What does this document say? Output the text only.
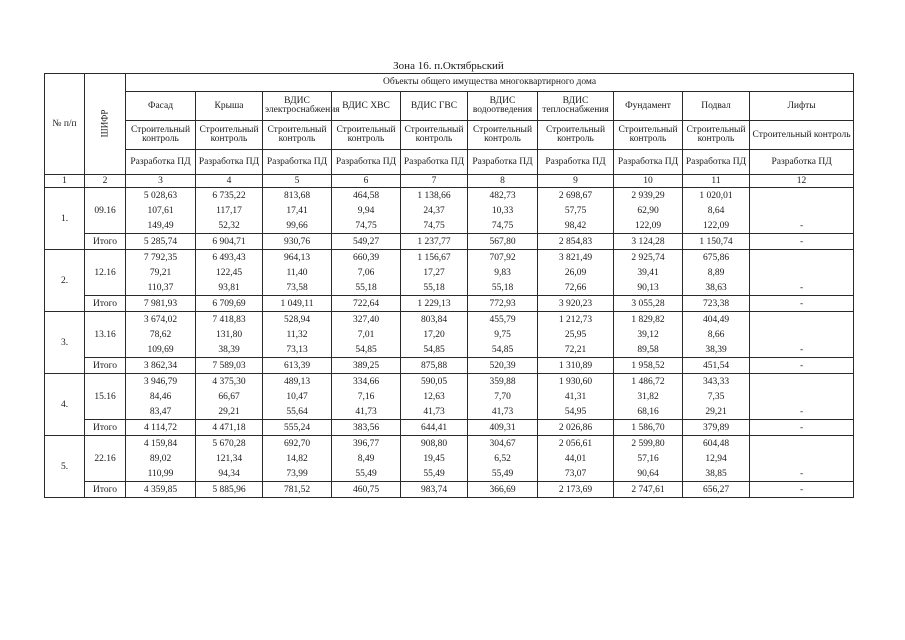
Зона 16. п.Октябрьский
№ п/п	ШИФР	Объекты общего имущества многоквартирного дома									
		Фасад	Крыша	ВДИС электроснабжения	ВДИС ХВС	ВДИС ГВС	ВДИС водоотведения	ВДИС теплоснабжения	Фундамент	Подвал	Лифты
		Строительный контроль	Строительный контроль	Строительный контроль	Строительный контроль	Строительный контроль	Строительный контроль	Строительный контроль	Строительный контроль	Строительный контроль	Строительный контроль
		Разработка ПД	Разработка ПД	Разработка ПД	Разработка ПД	Разработка ПД	Разработка ПД	Разработка ПД	Разработка ПД	Разработка ПД	Разработка ПД
1	2	3	4	5	6	7	8	9	10	11	12
1.	09.16	5 028,63	6 735,22	813,68	464,58	1 138,66	482,73	2 698,67	2 939,29	1 020,01	
		107,61	117,17	17,41	9,94	24,37	10,33	57,75	62,90	8,64	
		149,49	52,32	99,66	74,75	74,75	74,75	98,42	122,09	122,09	-
	Итого	5 285,74	6 904,71	930,76	549,27	1 237,77	567,80	2 854,83	3 124,28	1 150,74	-
2.	12.16	7 792,35	6 493,43	964,13	660,39	1 156,67	707,92	3 821,49	2 925,74	675,86	
		79,21	122,45	11,40	7,06	17,27	9,83	26,09	39,41	8,89	
		110,37	93,81	73,58	55,18	55,18	55,18	72,66	90,13	38,63	-
	Итого	7 981,93	6 709,69	1 049,11	722,64	1 229,13	772,93	3 920,23	3 055,28	723,38	-
3.	13.16	3 674,02	7 418,83	528,94	327,40	803,84	455,79	1 212,73	1 829,82	404,49	
		78,62	131,80	11,32	7,01	17,20	9,75	25,95	39,12	8,66	
		109,69	38,39	73,13	54,85	54,85	54,85	72,21	89,58	38,39	-
	Итого	3 862,34	7 589,03	613,39	389,25	875,88	520,39	1 310,89	1 958,52	451,54	-
4.	15.16	3 946,79	4 375,30	489,13	334,66	590,05	359,88	1 930,60	1 486,72	343,33	
		84,46	66,67	10,47	7,16	12,63	7,70	41,31	31,82	7,35	
		83,47	29,21	55,64	41,73	41,73	41,73	54,95	68,16	29,21	-
	Итого	4 114,72	4 471,18	555,24	383,56	644,41	409,31	2 026,86	1 586,70	379,89	-
5.	22.16	4 159,84	5 670,28	692,70	396,77	908,80	304,67	2 056,61	2 599,80	604,48	
		89,02	121,34	14,82	8,49	19,45	6,52	44,01	57,16	12,94	
		110,99	94,34	73,99	55,49	55,49	55,49	73,07	90,64	38,85	-
	Итого	4 359,85	5 885,96	781,52	460,75	983,74	366,69	2 173,69	2 747,61	656,27	-
